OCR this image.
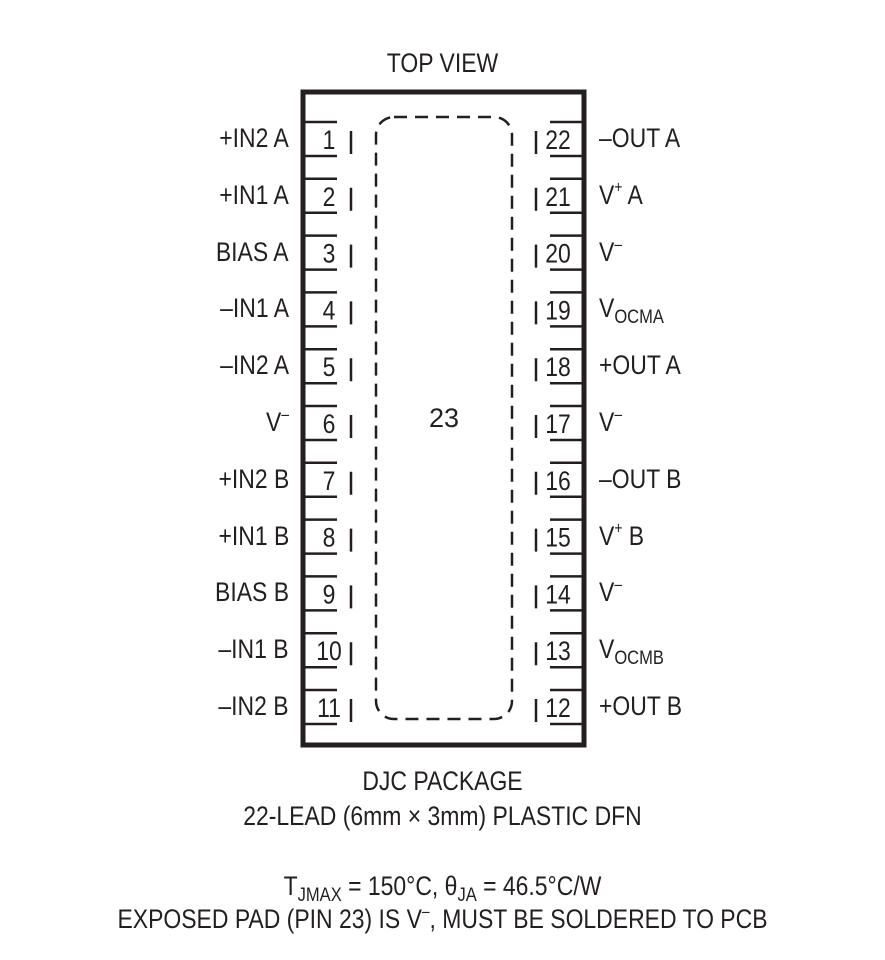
TOP VIEW
23
1
2
3
4
5
6
7
8
9
10
11
22
21
20
19
18
17
16
15
14
13
12
+IN2 A
+IN1 A
BIAS A
–IN1 A
–IN2 A
V–
+IN2 B
+IN1 B
BIAS B
–IN1 B
–IN2 B
–OUT A
V+ A
V–
$V_{OCMA}$
+OUT A
V–
–OUT B
V+ B
V–
$V_{OCMB}$
+OUT B
DJC PACKAGE
22-LEAD (6mm × 3mm) PLASTIC DFN
$T_{JMAX} = 150^\circ C$, $\theta_{JA} = 46.5^\circ C/W$
EXPOSED PAD (PIN 23) IS V–, MUST BE SOLDERED TO PCB
